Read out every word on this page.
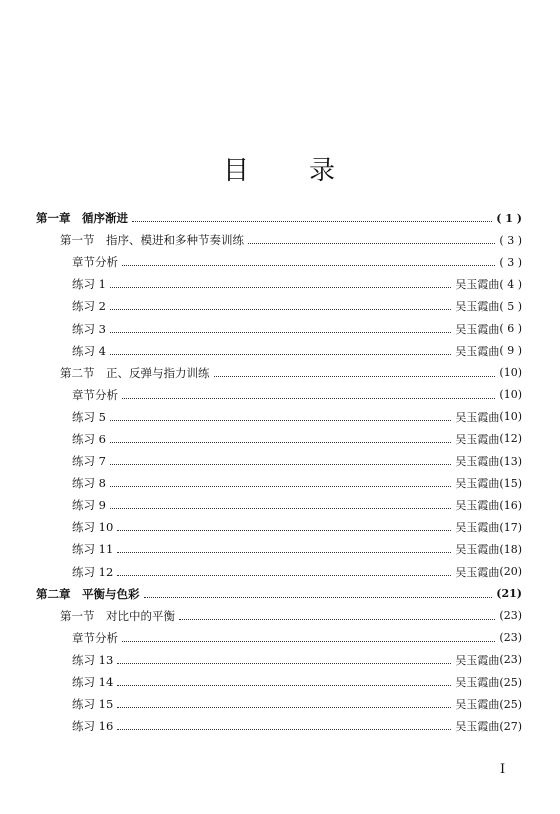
目 录
第一章　循序渐进	( 1 )
第一节　指序、模进和多种节奏训练	( 3 )
章节分析	( 3 )
练习 1	吴玉霞曲 ( 4 )
练习 2	吴玉霞曲 ( 5 )
练习 3	吴玉霞曲 ( 6 )
练习 4	吴玉霞曲 ( 9 )
第二节　正、反弹与指力训练	(10)
章节分析	(10)
练习 5	吴玉霞曲 (10)
练习 6	吴玉霞曲 (12)
练习 7	吴玉霞曲 (13)
练习 8	吴玉霞曲 (15)
练习 9	吴玉霞曲 (16)
练习 10	吴玉霞曲 (17)
练习 11	吴玉霞曲 (18)
练习 12	吴玉霞曲 (20)
第二章　平衡与色彩	(21)
第一节　对比中的平衡	(23)
章节分析	(23)
练习 13	吴玉霞曲 (23)
练习 14	吴玉霞曲 (25)
练习 15	吴玉霞曲 (25)
练习 16	吴玉霞曲 (27)
I
